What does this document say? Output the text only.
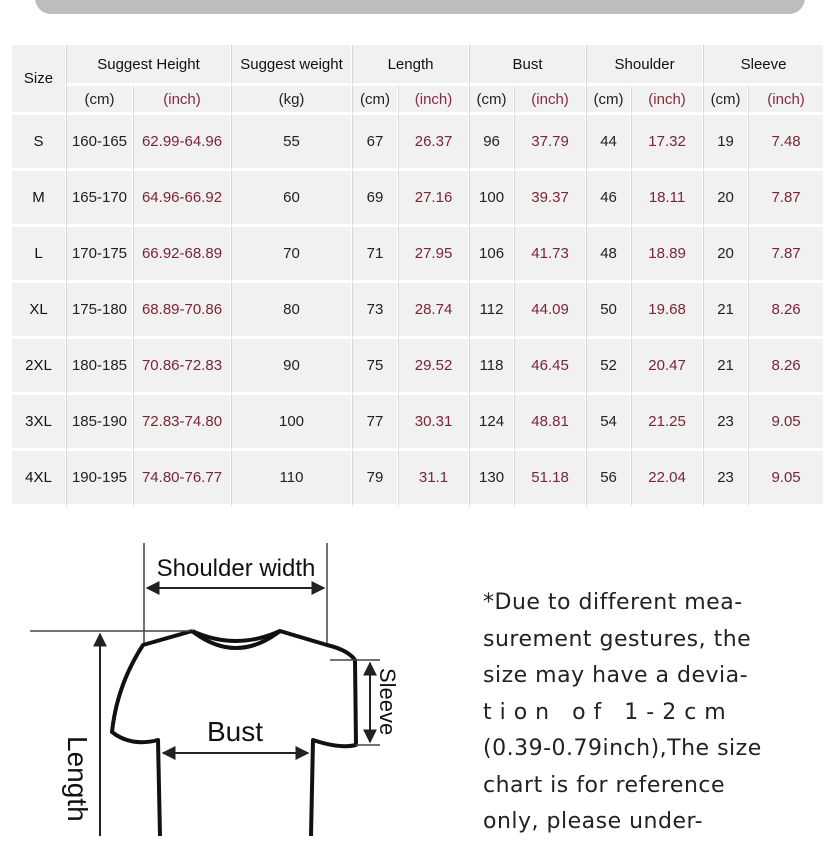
Size	Suggest Height		Suggest weight	Length		Bust		Shoulder		Sleeve	
	(cm)	(inch)	(kg)	(cm)	(inch)	(cm)	(inch)	(cm)	(inch)	(cm)	(inch)
S	160-165	62.99-64.96	55	67	26.37	96	37.79	44	17.32	19	7.48
M	165-170	64.96-66.92	60	69	27.16	100	39.37	46	18.11	20	7.87
L	170-175	66.92-68.89	70	71	27.95	106	41.73	48	18.89	20	7.87
XL	175-180	68.89-70.86	80	73	28.74	112	44.09	50	19.68	21	8.26
2XL	180-185	70.86-72.83	90	75	29.52	118	46.45	52	20.47	21	8.26
3XL	185-190	72.83-74.80	100	77	30.31	124	48.81	54	21.25	23	9.05
4XL	190-195	74.80-76.77	110	79	31.1	130	51.18	56	22.04	23	9.05
Shoulder width
Bust	Sleeve
Length
*Due to different mea-
surement gestures, the
size may have a devia-
t i o n   o f   1 - 2 c m
(0.39-0.79inch),The size
chart is for reference
only, please under-
